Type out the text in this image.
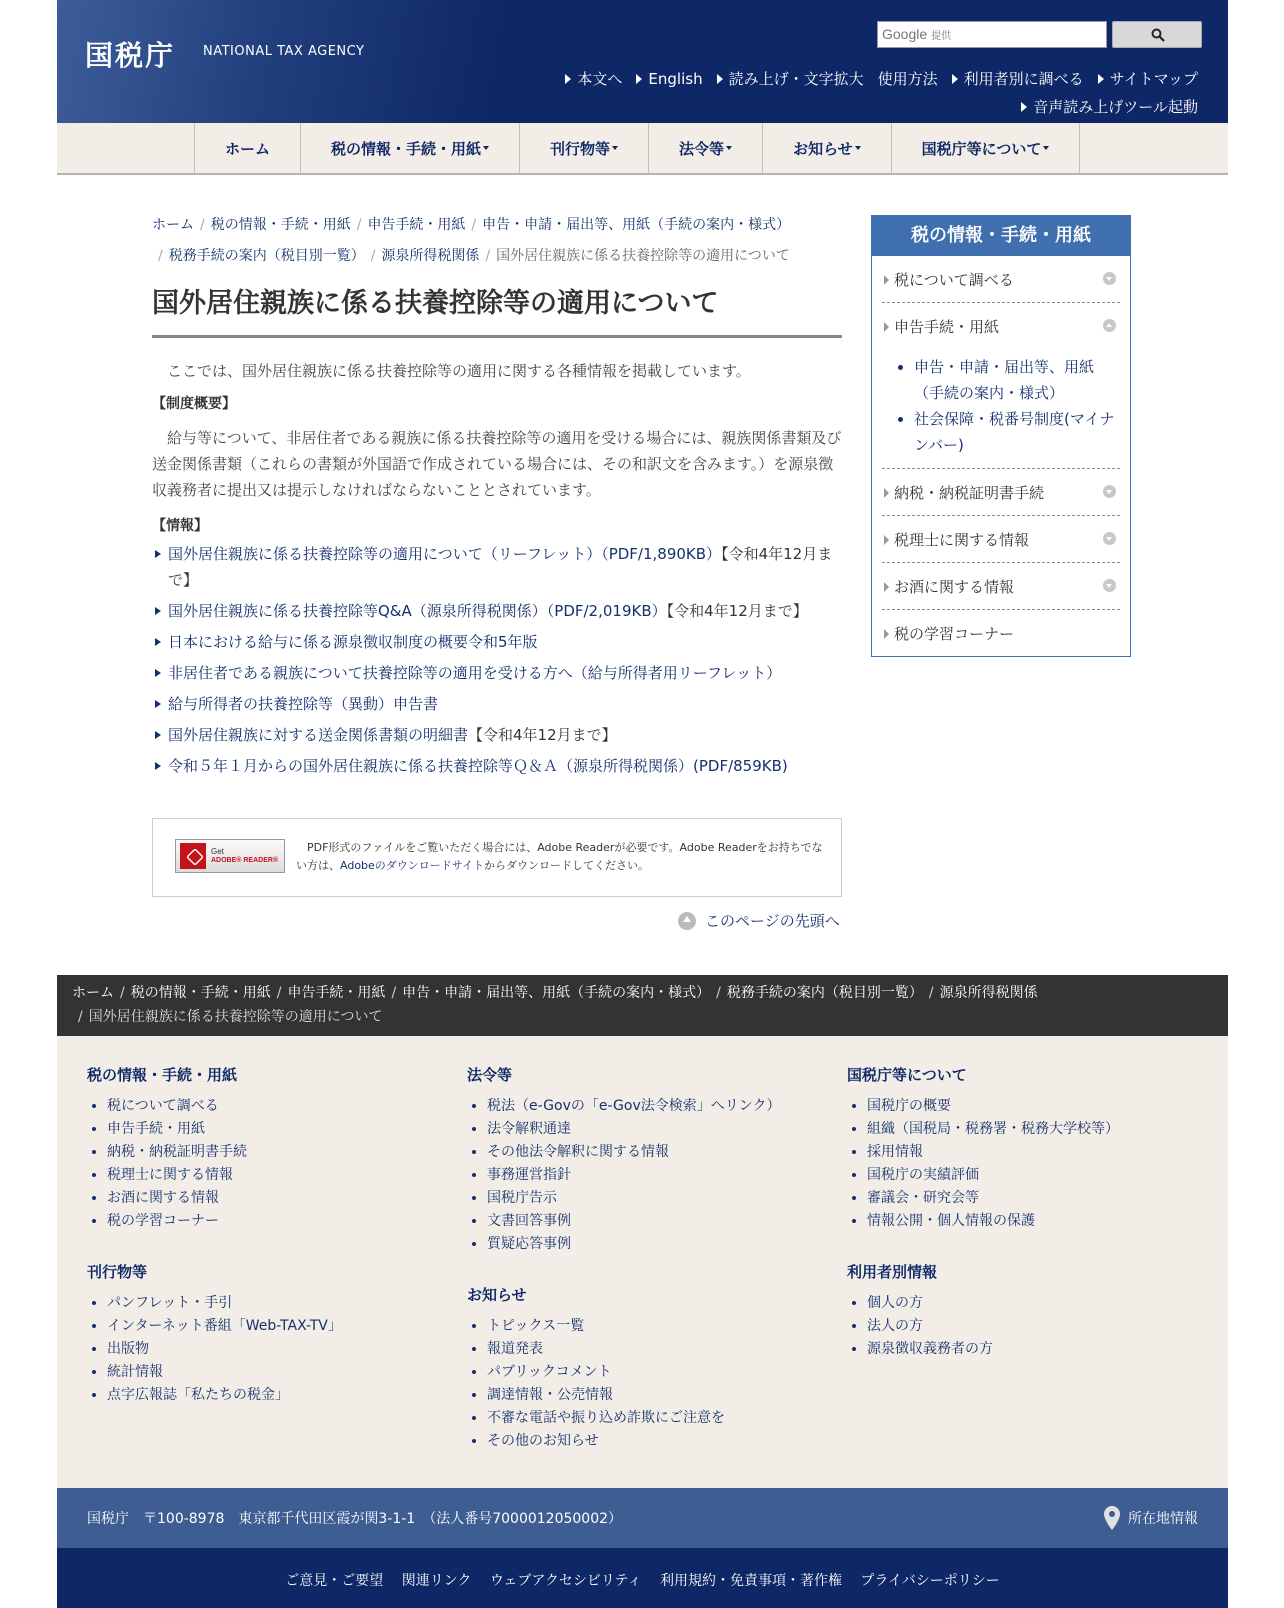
国税庁 NATIONAL TAX AGENCY
Google 提供
本文へ English 読み上げ・文字拡大 使用方法 利用者別に調べる サイトマップ
音声読み上げツール起動
ホーム	税の情報・手続・用紙	刊行物等	法令等	お知らせ	国税庁等について
ホーム / 税の情報・手続・用紙 / 申告手続・用紙 / 申告・申請・届出等、用紙（手続の案内・様式）
/ 税務手続の案内（税目別一覧） / 源泉所得税関係 / 国外居住親族に係る扶養控除等の適用について
国外居住親族に係る扶養控除等の適用について

ここでは、国外居住親族に係る扶養控除等の適用に関する各種情報を掲載しています。

【制度概要】

給与等について、非居住者である親族に係る扶養控除等の適用を受ける場合には、親族関係書類及び送金関係書類（これらの書類が外国語で作成されている場合には、その和訳文を含みます。）を源泉徴収義務者に提出又は提示しなければならないこととされています。

【情報】

国外居住親族に係る扶養控除等の適用について（リーフレット）（PDF/1,890KB）【令和4年12月まで】
国外居住親族に係る扶養控除等Q&A（源泉所得税関係）（PDF/2,019KB）【令和4年12月まで】
日本における給与に係る源泉徴収制度の概要令和5年版
非居住者である親族について扶養控除等の適用を受ける方へ（給与所得者用リーフレット）
給与所得者の扶養控除等（異動）申告書
国外居住親族に対する送金関係書類の明細書【令和4年12月まで】
令和５年１月からの国外居住親族に係る扶養控除等Ｑ＆Ａ（源泉所得税関係）(PDF/859KB)
Get
ADOBE® READER®
PDF形式のファイルをご覧いただく場合には、Adobe Readerが必要です。Adobe Readerをお持ちでない方は、Adobeのダウンロードサイトからダウンロードしてください。
このページの先頭へ
税の情報・手続・用紙
税について調べる
申告手続・用紙
• 申告・申請・届出等、用紙（手続の案内・様式）
• 社会保障・税番号制度(マイナンバー)
納税・納税証明書手続
税理士に関する情報
お酒に関する情報
税の学習コーナー
ホーム / 税の情報・手続・用紙 / 申告手続・用紙 / 申告・申請・届出等、用紙（手続の案内・様式） / 税務手続の案内（税目別一覧） / 源泉所得税関係
/ 国外居住親族に係る扶養控除等の適用について
税の情報・手続・用紙
• 税について調べる
• 申告手続・用紙
• 納税・納税証明書手続
• 税理士に関する情報
• お酒に関する情報
• 税の学習コーナー
刊行物等
• パンフレット・手引
• インターネット番組「Web-TAX-TV」
• 出版物
• 統計情報
• 点字広報誌「私たちの税金」
法令等
• 税法（e-Govの「e-Gov法令検索」へリンク）
• 法令解釈通達
• その他法令解釈に関する情報
• 事務運営指針
• 国税庁告示
• 文書回答事例
• 質疑応答事例
お知らせ
• トピックス一覧
• 報道発表
• パブリックコメント
• 調達情報・公売情報
• 不審な電話や振り込め詐欺にご注意を
• その他のお知らせ
国税庁等について
• 国税庁の概要
• 組織（国税局・税務署・税務大学校等）
• 採用情報
• 国税庁の実績評価
• 審議会・研究会等
• 情報公開・個人情報の保護
利用者別情報
• 個人の方
• 法人の方
• 源泉徴収義務者の方
国税庁　〒100-8978　東京都千代田区霞が関3-1-1　（法人番号7000012050002）	所在地情報
ご意見・ご要望 関連リンク ウェブアクセシビリティ 利用規約・免責事項・著作権 プライバシーポリシー
